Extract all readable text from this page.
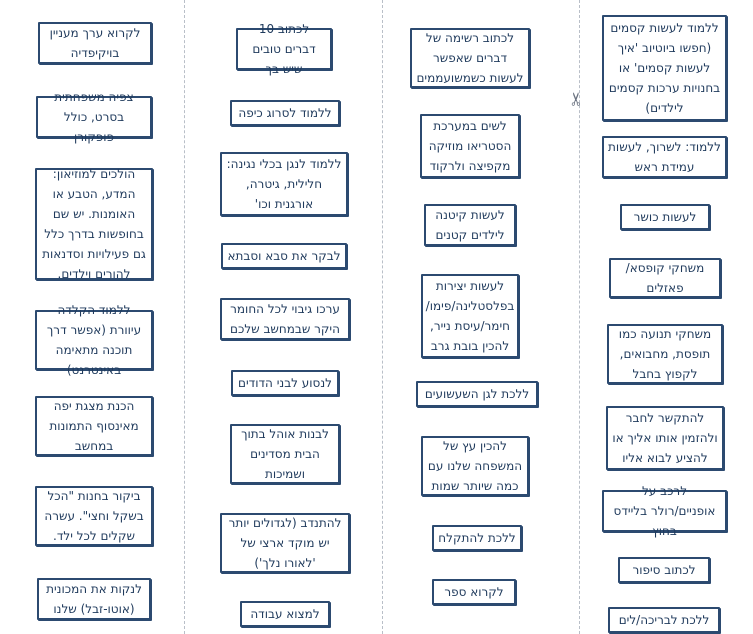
✂
ללמוד לעשות קסמים (חפשו ביוטיוב 'איך לעשות קסמים' או בחנויות ערכות קסמים לילדים)
ללמוד: לשרוך, לעשות עמידת ראש
לעשות כושר
משחקי קופסא/ פאזלים
משחקי תנועה כמו תופסת, מחבואים, לקפוץ בחבל
להתקשר לחבר ולהזמין אותו אליך או להציע לבוא אליו
לרכב על אופניים/רולר בליידס בחוץ
לכתוב סיפור
ללכת לבריכה/לים
לכתוב רשימה של דברים שאפשר לעשות כשמשועממים
לשים במערכת הסטריאו מוזיקה מקפיצה ולרקוד
לעשות קיטנה לילדים קטנים
לעשות יצירות בפלסטלינה/פימו/ חימר/עיסת נייר, להכין בובת גרב
ללכת לגן השעשועים
להכין עץ של המשפחה שלנו עם כמה שיותר שמות
ללכת להתקלח
לקרוא ספר
לכתוב 10 דברים טובים שיש בך
ללמוד לסרוג כיפה
ללמוד לנגן בכלי נגינה: חלילית, גיטרה, אורגנית וכו'
לבקר את סבא וסבתא
ערכו גיבוי לכל החומר היקר שבמחשב שלכם
לנסוע לבני הדודים
לבנות אוהל בתוך הבית מסדינים ושמיכות
להתנדב (לגדולים יותר יש מוקד ארצי של 'לאורו נלך')
למצוא עבודה
לקרוא ערך מעניין בויקיפדיה
צפיה משפחתית בסרט, כולל פופקורן
הולכים למוזיאון: המדע, הטבע או האומנות. יש שם בחופשות בדרך כלל גם פעילויות וסדנאות להורים וילדים.
ללמוד הקלדה עיוורת (אפשר דרך תוכנה מתאימה באינטרנט)
הכנת מצגת יפה מאינסוף התמונות במחשב
ביקור בחנות "הכל בשקל וחצי". עשרה שקלים לכל ילד.
לנקות את המכונית (אוטו-זבל) שלנו
